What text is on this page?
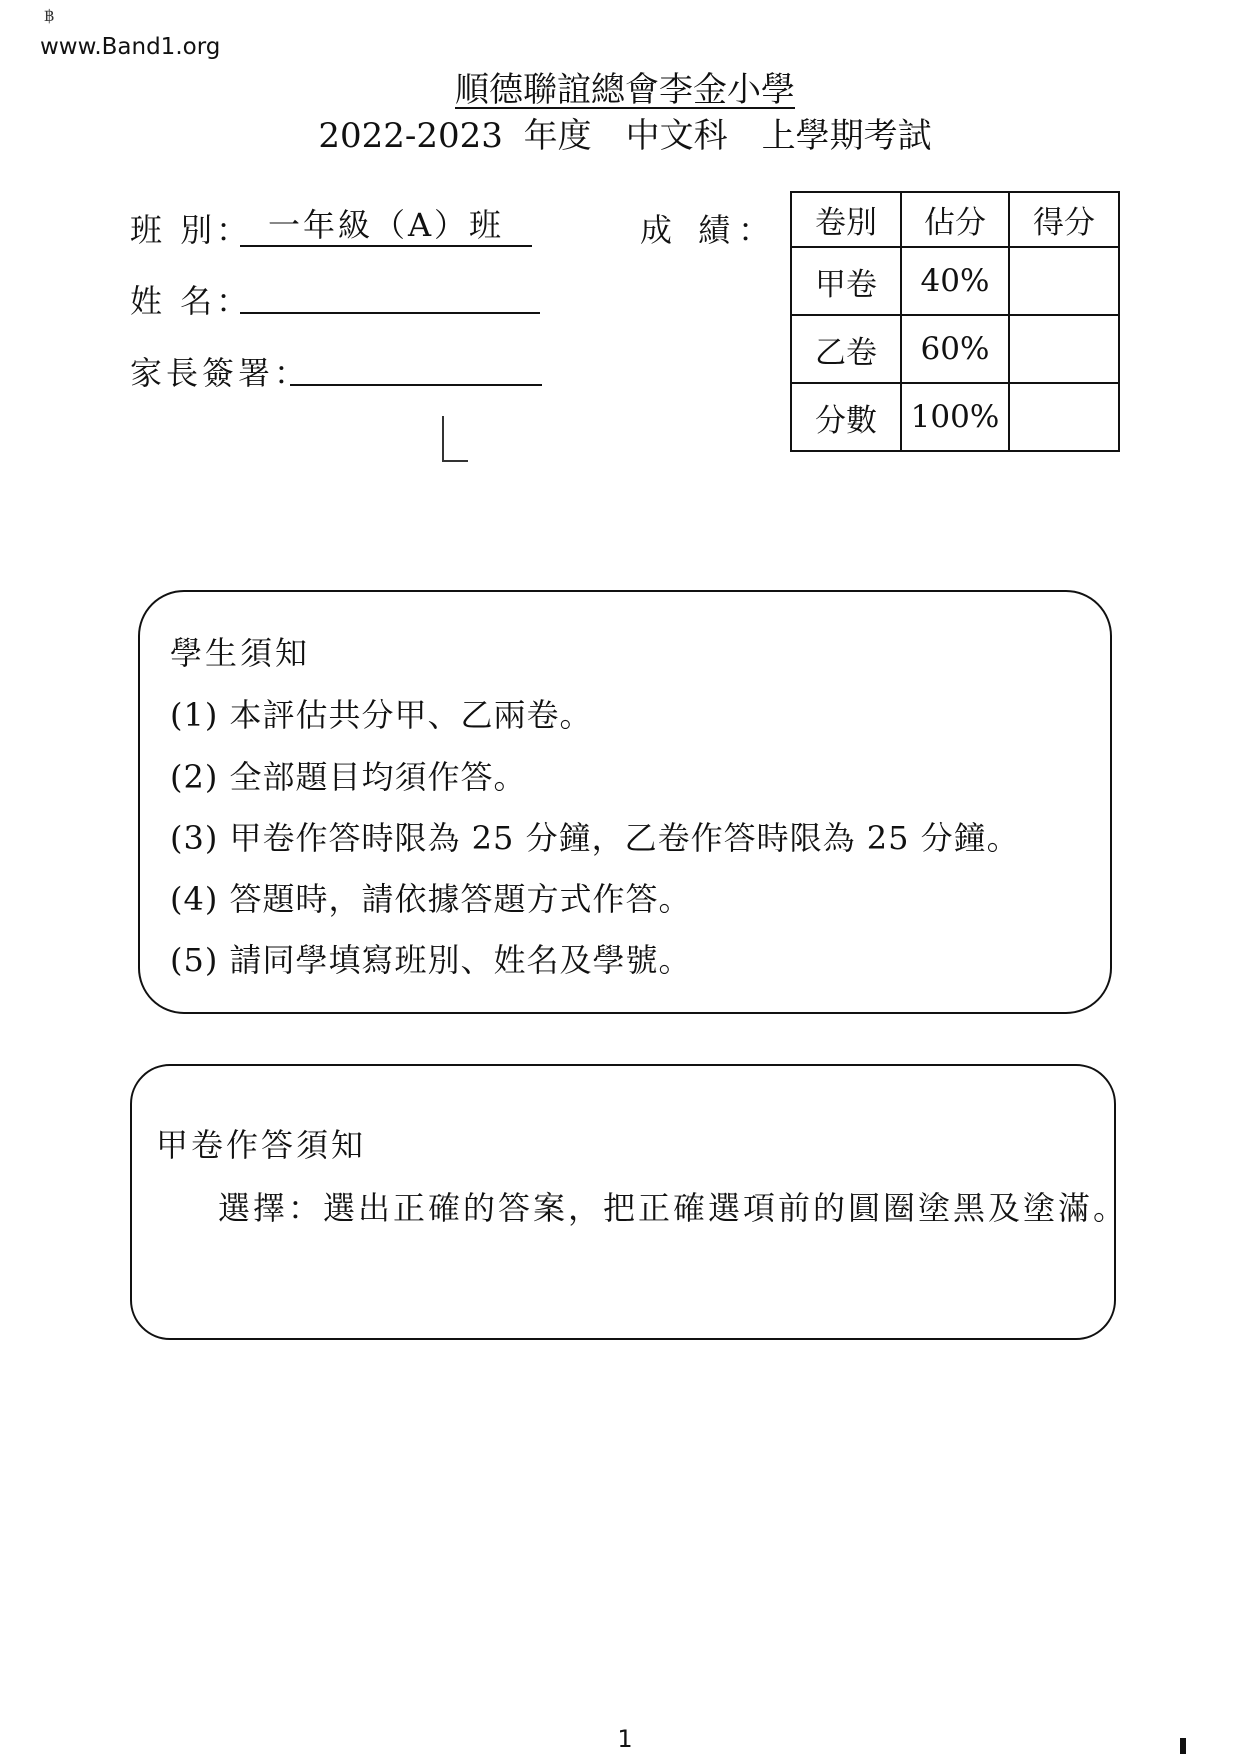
฿
www.Band1.org
順德聯誼總會李金小學
2022-2023 年度　中文科　上學期考試
班 別： 一年級（A）班
姓 名：
家長簽署：
成 績： 卷別	佔分	得分
甲卷	40%	
乙卷	60%	
分數	100%	
學生須知
(1) 本評估共分甲、乙兩卷。
(2) 全部題目均須作答。
(3) 甲卷作答時限為 25 分鐘，乙卷作答時限為 25 分鐘。
(4) 答題時，請依據答題方式作答。
(5) 請同學填寫班別、姓名及學號。
甲卷作答須知
選擇：選出正確的答案，把正確選項前的圓圈塗黑及塗滿。
1
